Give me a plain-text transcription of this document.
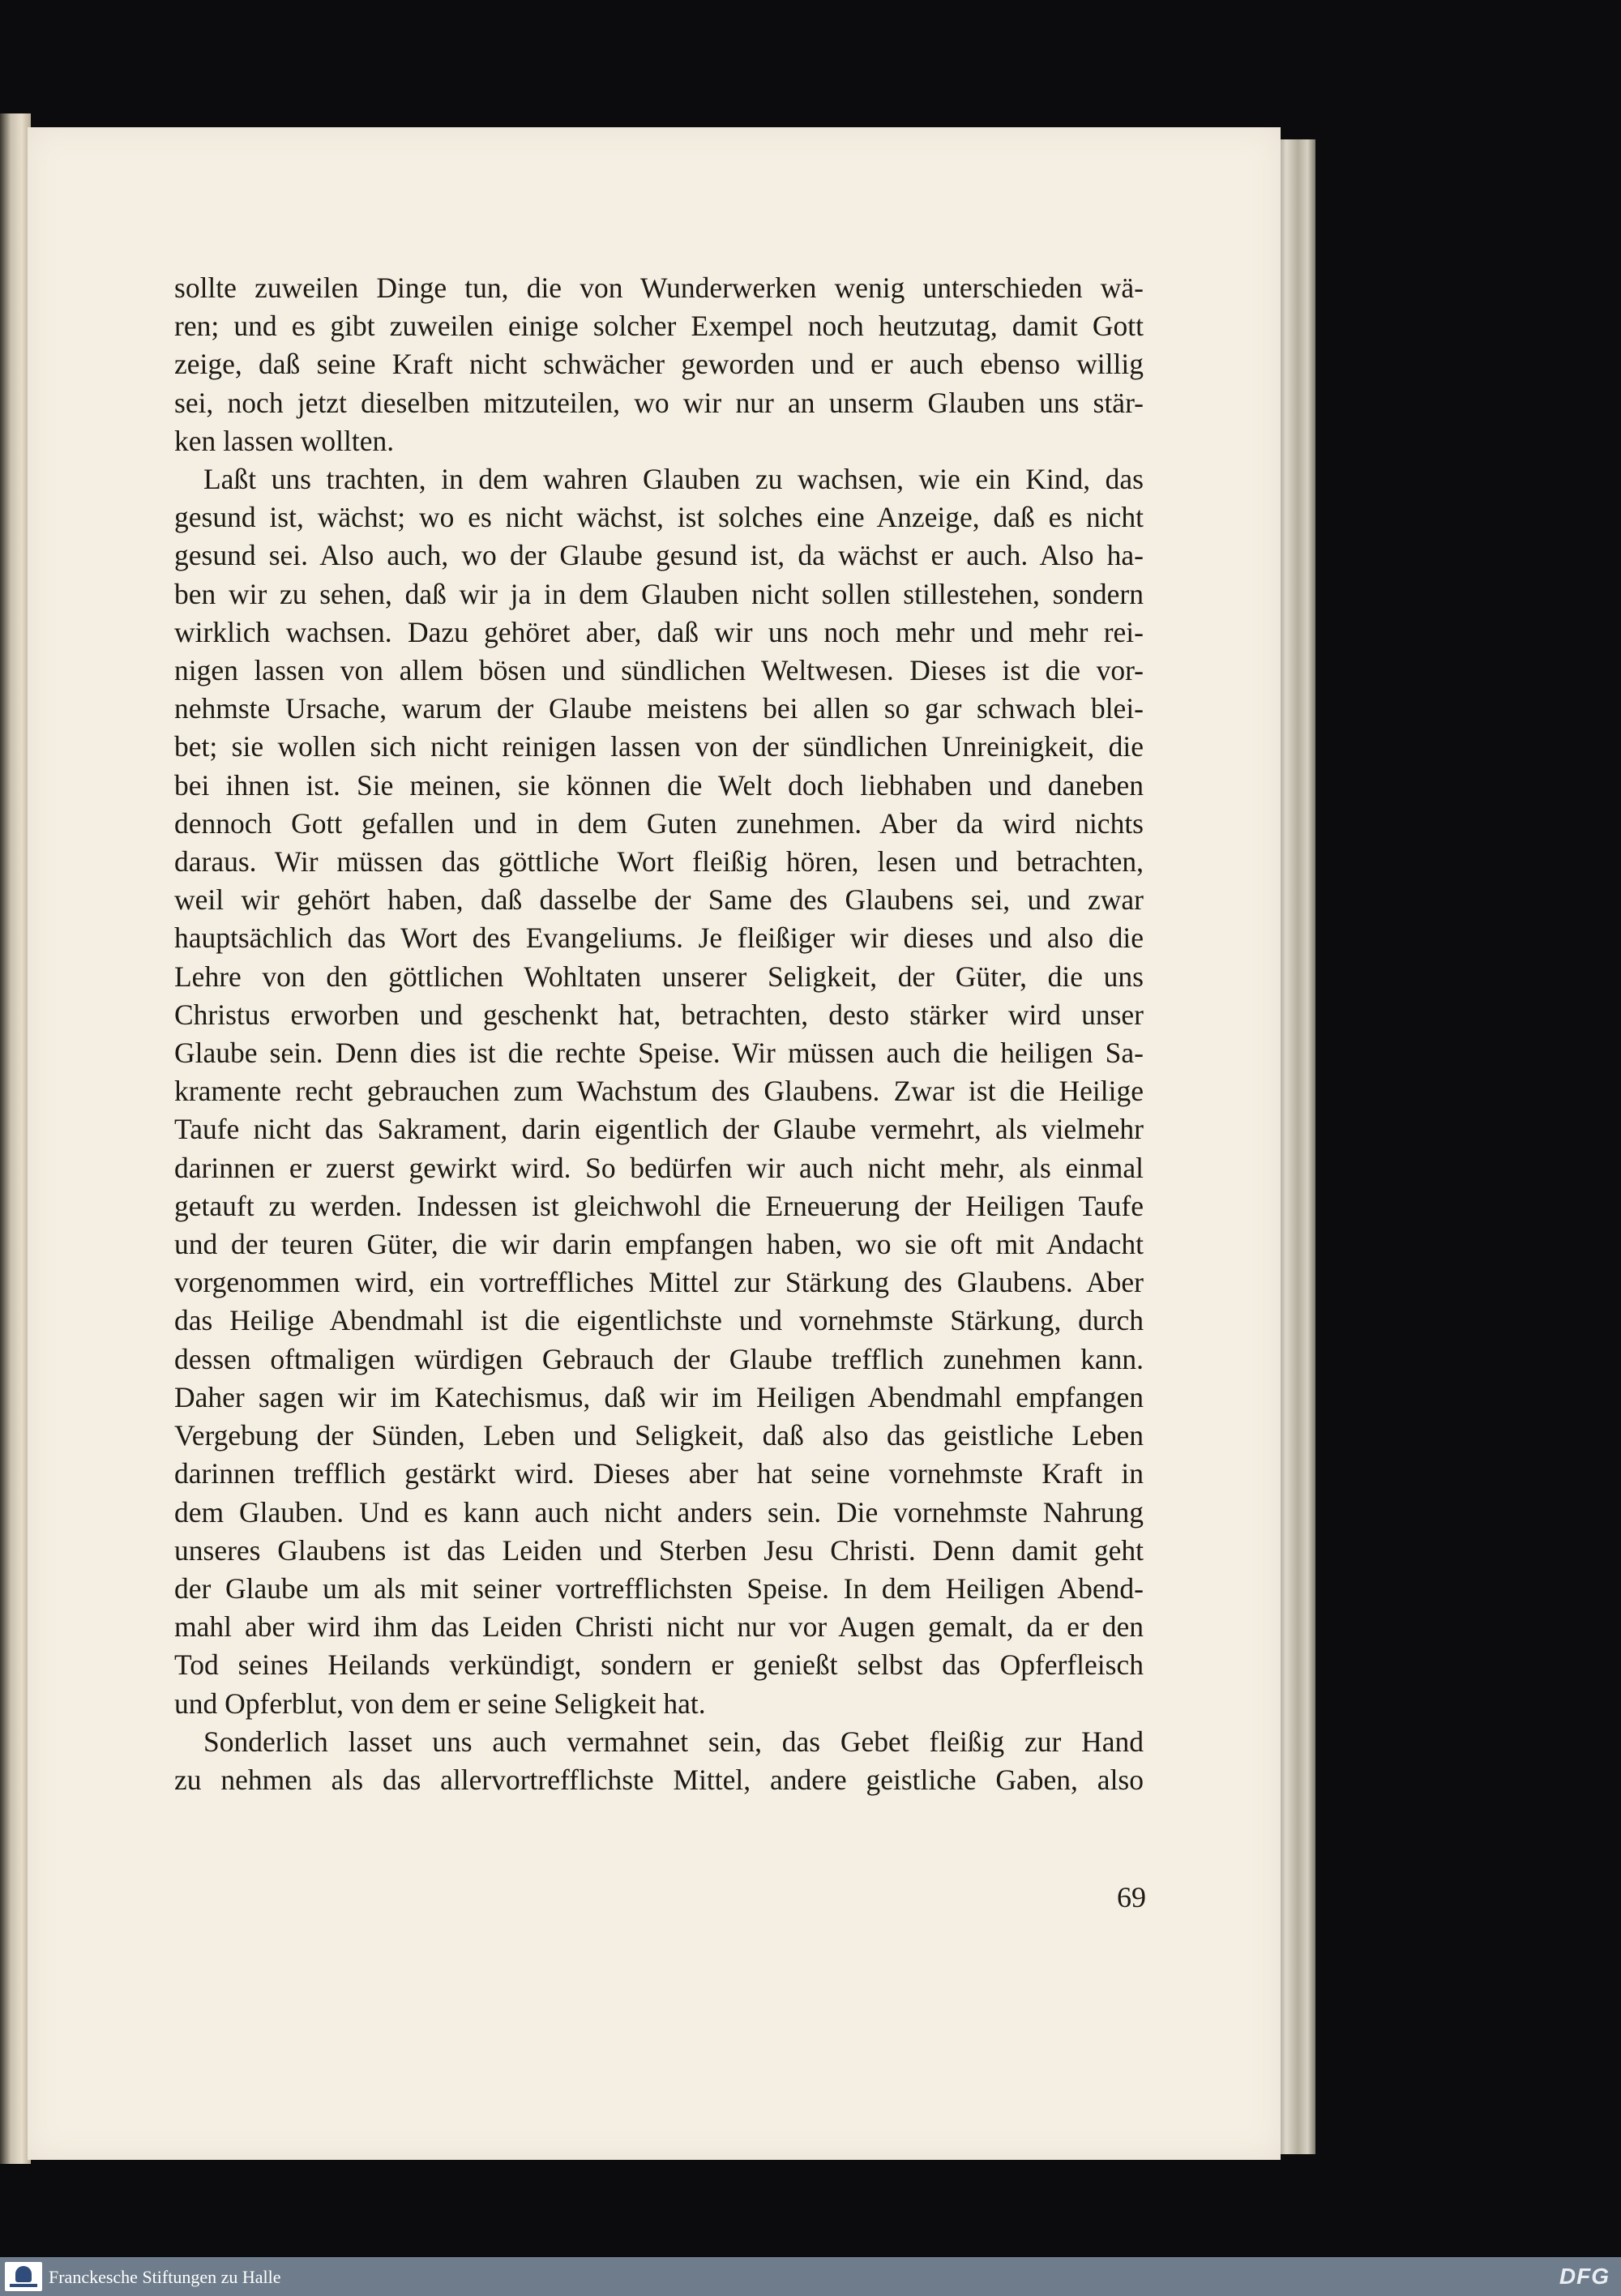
sollte zuweilen Dinge tun, die von Wunderwerken wenig unterschieden wä-
ren; und es gibt zuweilen einige solcher Exempel noch heutzutag, damit Gott
zeige, daß seine Kraft nicht schwächer geworden und er auch ebenso willig
sei, noch jetzt dieselben mitzuteilen, wo wir nur an unserm Glauben uns stär-
ken lassen wollten.
Laßt uns trachten, in dem wahren Glauben zu wachsen, wie ein Kind, das
gesund ist, wächst; wo es nicht wächst, ist solches eine Anzeige, daß es nicht
gesund sei. Also auch, wo der Glaube gesund ist, da wächst er auch. Also ha-
ben wir zu sehen, daß wir ja in dem Glauben nicht sollen stillestehen, sondern
wirklich wachsen. Dazu gehöret aber, daß wir uns noch mehr und mehr rei-
nigen lassen von allem bösen und sündlichen Weltwesen. Dieses ist die vor-
nehmste Ursache, warum der Glaube meistens bei allen so gar schwach blei-
bet; sie wollen sich nicht reinigen lassen von der sündlichen Unreinigkeit, die
bei ihnen ist. Sie meinen, sie können die Welt doch liebhaben und daneben
dennoch Gott gefallen und in dem Guten zunehmen. Aber da wird nichts
daraus. Wir müssen das göttliche Wort fleißig hören, lesen und betrachten,
weil wir gehört haben, daß dasselbe der Same des Glaubens sei, und zwar
hauptsächlich das Wort des Evangeliums. Je fleißiger wir dieses und also die
Lehre von den göttlichen Wohltaten unserer Seligkeit, der Güter, die uns
Christus erworben und geschenkt hat, betrachten, desto stärker wird unser
Glaube sein. Denn dies ist die rechte Speise. Wir müssen auch die heiligen Sa-
kramente recht gebrauchen zum Wachstum des Glaubens. Zwar ist die Heilige
Taufe nicht das Sakrament, darin eigentlich der Glaube vermehrt, als vielmehr
darinnen er zuerst gewirkt wird. So bedürfen wir auch nicht mehr, als einmal
getauft zu werden. Indessen ist gleichwohl die Erneuerung der Heiligen Taufe
und der teuren Güter, die wir darin empfangen haben, wo sie oft mit Andacht
vorgenommen wird, ein vortreffliches Mittel zur Stärkung des Glaubens. Aber
das Heilige Abendmahl ist die eigentlichste und vornehmste Stärkung, durch
dessen oftmaligen würdigen Gebrauch der Glaube trefflich zunehmen kann.
Daher sagen wir im Katechismus, daß wir im Heiligen Abendmahl empfangen
Vergebung der Sünden, Leben und Seligkeit, daß also das geistliche Leben
darinnen trefflich gestärkt wird. Dieses aber hat seine vornehmste Kraft in
dem Glauben. Und es kann auch nicht anders sein. Die vornehmste Nahrung
unseres Glaubens ist das Leiden und Sterben Jesu Christi. Denn damit geht
der Glaube um als mit seiner vortrefflichsten Speise. In dem Heiligen Abend-
mahl aber wird ihm das Leiden Christi nicht nur vor Augen gemalt, da er den
Tod seines Heilands verkündigt, sondern er genießt selbst das Opferfleisch
und Opferblut, von dem er seine Seligkeit hat.
Sonderlich lasset uns auch vermahnet sein, das Gebet fleißig zur Hand
zu nehmen als das allervortrefflichste Mittel, andere geistliche Gaben, also
69
Franckesche Stiftungen zu Halle	DFG
